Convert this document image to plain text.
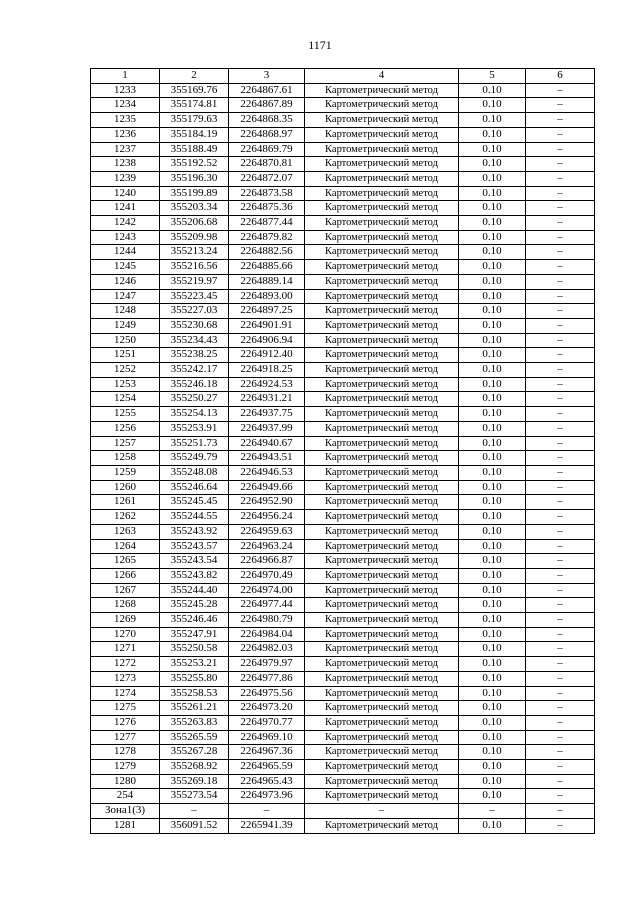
1171
1	2	3	4	5	6
1233	355169.76	2264867.61	Картометрический метод	0.10	–
1234	355174.81	2264867.89	Картометрический метод	0.10	–
1235	355179.63	2264868.35	Картометрический метод	0.10	–
1236	355184.19	2264868.97	Картометрический метод	0.10	–
1237	355188.49	2264869.79	Картометрический метод	0.10	–
1238	355192.52	2264870.81	Картометрический метод	0.10	–
1239	355196.30	2264872.07	Картометрический метод	0.10	–
1240	355199.89	2264873.58	Картометрический метод	0.10	–
1241	355203.34	2264875.36	Картометрический метод	0.10	–
1242	355206.68	2264877.44	Картометрический метод	0.10	–
1243	355209.98	2264879.82	Картометрический метод	0.10	–
1244	355213.24	2264882.56	Картометрический метод	0.10	–
1245	355216.56	2264885.66	Картометрический метод	0.10	–
1246	355219.97	2264889.14	Картометрический метод	0.10	–
1247	355223.45	2264893.00	Картометрический метод	0.10	–
1248	355227.03	2264897.25	Картометрический метод	0.10	–
1249	355230.68	2264901.91	Картометрический метод	0.10	–
1250	355234.43	2264906.94	Картометрический метод	0.10	–
1251	355238.25	2264912.40	Картометрический метод	0.10	–
1252	355242.17	2264918.25	Картометрический метод	0.10	–
1253	355246.18	2264924.53	Картометрический метод	0.10	–
1254	355250.27	2264931.21	Картометрический метод	0.10	–
1255	355254.13	2264937.75	Картометрический метод	0.10	–
1256	355253.91	2264937.99	Картометрический метод	0.10	–
1257	355251.73	2264940.67	Картометрический метод	0.10	–
1258	355249.79	2264943.51	Картометрический метод	0.10	–
1259	355248.08	2264946.53	Картометрический метод	0.10	–
1260	355246.64	2264949.66	Картометрический метод	0.10	–
1261	355245.45	2264952.90	Картометрический метод	0.10	–
1262	355244.55	2264956.24	Картометрический метод	0.10	–
1263	355243.92	2264959.63	Картометрический метод	0.10	–
1264	355243.57	2264963.24	Картометрический метод	0.10	–
1265	355243.54	2264966.87	Картометрический метод	0.10	–
1266	355243.82	2264970.49	Картометрический метод	0.10	–
1267	355244.40	2264974.00	Картометрический метод	0.10	–
1268	355245.28	2264977.44	Картометрический метод	0.10	–
1269	355246.46	2264980.79	Картометрический метод	0.10	–
1270	355247.91	2264984.04	Картометрический метод	0.10	–
1271	355250.58	2264982.03	Картометрический метод	0.10	–
1272	355253.21	2264979.97	Картометрический метод	0.10	–
1273	355255.80	2264977.86	Картометрический метод	0.10	–
1274	355258.53	2264975.56	Картометрический метод	0.10	–
1275	355261.21	2264973.20	Картометрический метод	0.10	–
1276	355263.83	2264970.77	Картометрический метод	0.10	–
1277	355265.59	2264969.10	Картометрический метод	0.10	–
1278	355267.28	2264967.36	Картометрический метод	0.10	–
1279	355268.92	2264965.59	Картометрический метод	0.10	–
1280	355269.18	2264965.43	Картометрический метод	0.10	–
254	355273.54	2264973.96	Картометрический метод	0.10	–
Зона1(3)	–	–	–	–	–
1281	356091.52	2265941.39	Картометрический метод	0.10	–
